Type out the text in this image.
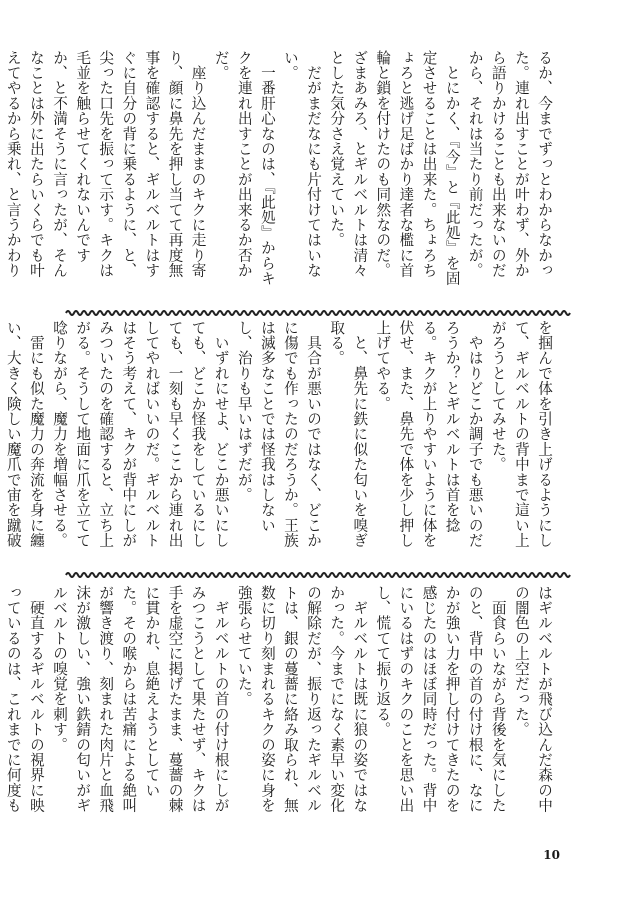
るか、今までずっとわからなかった。連れ出すことが叶わず、外から語りかけることも出来ないのだから、それは当たり前だったが。

　とにかく、『今』と『此処』を固定させることは出来た。ちょろちょろと逃げ足ばかり達者な檻に首輪と鎖を付けたのも同然なのだ。ざまあみろ、とギルベルトは清々とした気分さえ覚えていた。

　だがまだなにも片付けてはいない。

　一番肝心なのは、『此処』からキクを連れ出すことが出来るか否かだ。

　座り込んだままのキクに走り寄り、顔に鼻先を押し当てて再度無事を確認すると、ギルベルトはすぐに自分の背に乗るように、と、尖った口先を振って示す。キクは毛並を触らせてくれないんですか、と不満そうに言ったが、そんなことは外に出たらいくらでも叶えてやるから乗れ、と言うかわり

を掴んで体を引き上げるようにして、ギルベルトの背中まで這い上がろうとしてみせた。

　やはりどこか調子でも悪いのだろうか？とギルベルトは首を捻る。キクが上りやすいように体を伏せ、また、鼻先で体を少し押し上げてやる。

　と、鼻先に鉄に似た匂いを嗅ぎ取る。

　具合が悪いのではなく、どこかに傷でも作ったのだろうか。王族は滅多なことでは怪我はしないし、治りも早いはずだが。

　いずれにせよ、どこか悪いにしても、どこか怪我をしているにしても、一刻も早くここから連れ出してやればいいのだ。ギルベルトはそう考えて、キクが背中にしがみついたのを確認すると、立ち上がる。そうして地面に爪を立てて唸りながら、魔力を増幅させる。

　雷にも似た魔力の奔流を身に纏い、大きく険しい魔爪で宙を蹴破

はギルベルトが飛び込んだ森の中の闇色の上空だった。

　面食らいながら背後を気にしたのと、背中の首の付け根に、なにかが強い力を押し付けてきたのを感じたのはほぼ同時だった。背中にいるはずのキクのことを思い出し、慌てて振り返る。

　ギルベルトは既に狼の姿ではなかった。今までになく素早い変化の解除だが、振り返ったギルベルトは、銀の蔓薔に絡み取られ、無数に切り刻まれるキクの姿に身を強張らせていた。

　ギルベルトの首の付け根にしがみつこうとして果たせず、キクは手を虚空に掲げたまま、蔓薔の棘に貫かれ、息絶えようとしていた。その喉からは苦痛による絶叫が響き渡り、刻まれた肉片と血飛沫が激しい、強い鉄錆の匂いがギルベルトの嗅覚を刺す。

　硬直するギルベルトの視界に映っているのは、これまでに何度も

10
